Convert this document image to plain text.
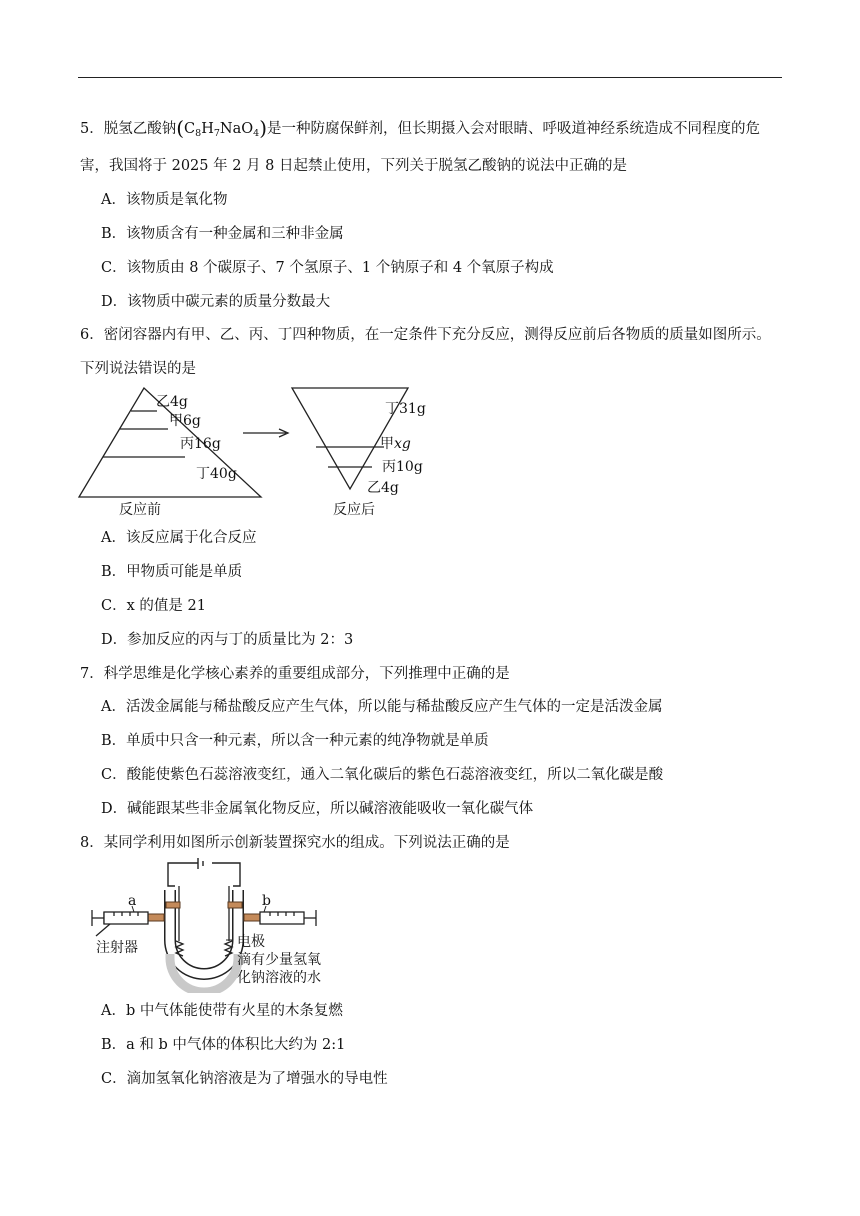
5．脱氢乙酸钠$(C_8H_7NaO_4)$是一种防腐保鲜剂，但长期摄入会对眼睛、呼吸道神经系统造成不同程度的危
害，我国将于 2025 年 2 月 8 日起禁止使用，下列关于脱氢乙酸钠的说法中正确的是
A．该物质是氧化物
B．该物质含有一种金属和三种非金属
C．该物质由 8 个碳原子、7 个氢原子、1 个钠原子和 4 个氧原子构成
D．该物质中碳元素的质量分数最大
6．密闭容器内有甲、乙、丙、丁四种物质，在一定条件下充分反应，测得反应前后各物质的质量如图所示。
下列说法错误的是
乙4g
甲6g
丙16g
丁40g
反应前
丁31g
甲xg
丙10g
乙4g
反应后
A．该反应属于化合反应
B．甲物质可能是单质
C．x 的值是 21
D．参加反应的丙与丁的质量比为 2：3
7．科学思维是化学核心素养的重要组成部分，下列推理中正确的是
A．活泼金属能与稀盐酸反应产生气体，所以能与稀盐酸反应产生气体的一定是活泼金属
B．单质中只含一种元素，所以含一种元素的纯净物就是单质
C．酸能使紫色石蕊溶液变红，通入二氧化碳后的紫色石蕊溶液变红，所以二氧化碳是酸
D．碱能跟某些非金属氧化物反应，所以碱溶液能吸收一氧化碳气体
8．某同学利用如图所示创新装置探究水的组成。下列说法正确的是
a	b
注射器	电极
滴有少量氢氧
化钠溶液的水
A．b 中气体能使带有火星的木条复燃
B．a 和 b 中气体的体积比大约为 2:1
C．滴加氢氧化钠溶液是为了增强水的导电性
